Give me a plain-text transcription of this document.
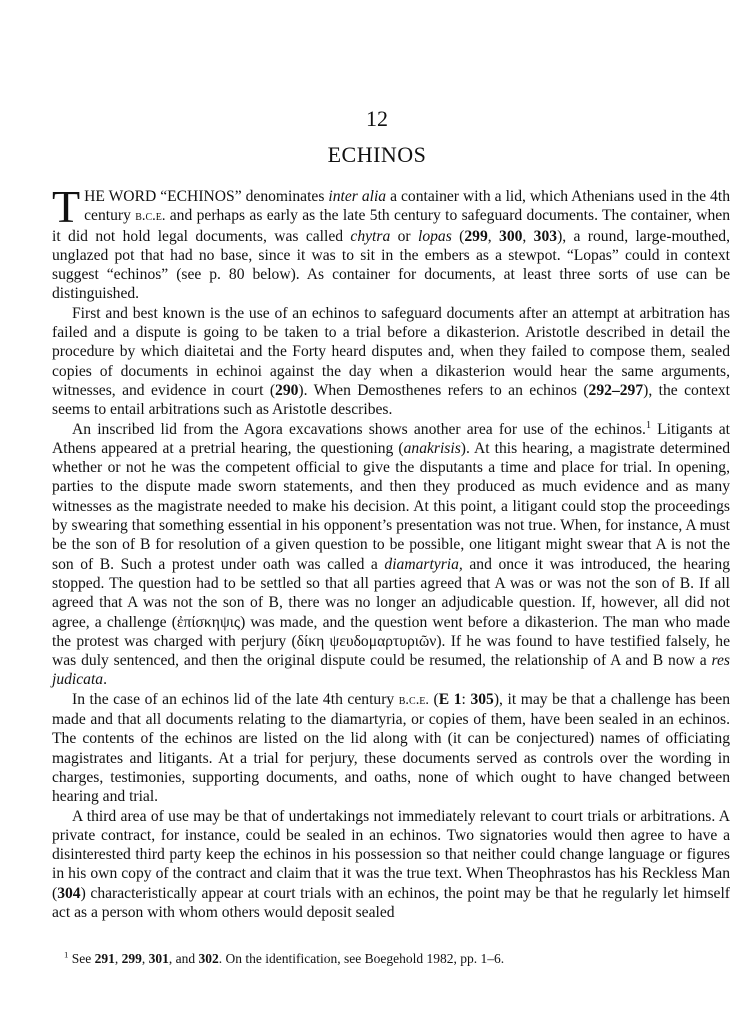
12
ECHINOS

THE WORD “ECHINOS” denominates inter alia a container with a lid, which Athenians used in the 4th century b.c.e. and perhaps as early as the late 5th century to safeguard documents. The container, when it did not hold legal documents, was called chytra or lopas (299, 300, 303), a round, large-mouthed, unglazed pot that had no base, since it was to sit in the embers as a stewpot. “Lopas” could in context suggest “echinos” (see p. 80 below). As container for documents, at least three sorts of use can be distinguished.

First and best known is the use of an echinos to safeguard documents after an attempt at arbitration has failed and a dispute is going to be taken to a trial before a dikasterion. Aristotle described in detail the procedure by which diaitetai and the Forty heard disputes and, when they failed to compose them, sealed copies of documents in echinoi against the day when a dikasterion would hear the same arguments, witnesses, and evidence in court (290). When Demosthenes refers to an echinos (292–297), the context seems to entail arbitrations such as Aristotle describes.

An inscribed lid from the Agora excavations shows another area for use of the echinos.$^1$ Litigants at Athens appeared at a pretrial hearing, the questioning (anakrisis). At this hearing, a magistrate determined whether or not he was the competent official to give the disputants a time and place for trial. In opening, parties to the dispute made sworn statements, and then they produced as much evidence and as many witnesses as the magistrate needed to make his decision. At this point, a litigant could stop the proceedings by swearing that something essential in his opponent’s presentation was not true. When, for instance, A must be the son of B for resolution of a given question to be possible, one litigant might swear that A is not the son of B. Such a protest under oath was called a diamartyria, and once it was introduced, the hearing stopped. The question had to be settled so that all parties agreed that A was or was not the son of B. If all agreed that A was not the son of B, there was no longer an adjudicable question. If, however, all did not agree, a challenge (ἐπίσκηψις) was made, and the question went before a dikasterion. The man who made the protest was charged with perjury (δίκη ψευδομαρτυριῶν). If he was found to have testified falsely, he was duly sentenced, and then the original dispute could be resumed, the relationship of A and B now a res judicata.

In the case of an echinos lid of the late 4th century b.c.e. (E 1: 305), it may be that a challenge has been made and that all documents relating to the diamartyria, or copies of them, have been sealed in an echinos. The contents of the echinos are listed on the lid along with (it can be conjectured) names of officiating magistrates and litigants. At a trial for perjury, these documents served as controls over the wording in charges, testimonies, supporting documents, and oaths, none of which ought to have changed between hearing and trial.

A third area of use may be that of undertakings not immediately relevant to court trials or arbitrations. A private contract, for instance, could be sealed in an echinos. Two signatories would then agree to have a disinterested third party keep the echinos in his possession so that neither could change language or figures in his own copy of the contract and claim that it was the true text. When Theophrastos has his Reckless Man (304) characteristically appear at court trials with an echinos, the point may be that he regularly let himself act as a person with whom others would deposit sealed

$^1$ See 291, 299, 301, and 302. On the identification, see Boegehold 1982, pp. 1–6.
